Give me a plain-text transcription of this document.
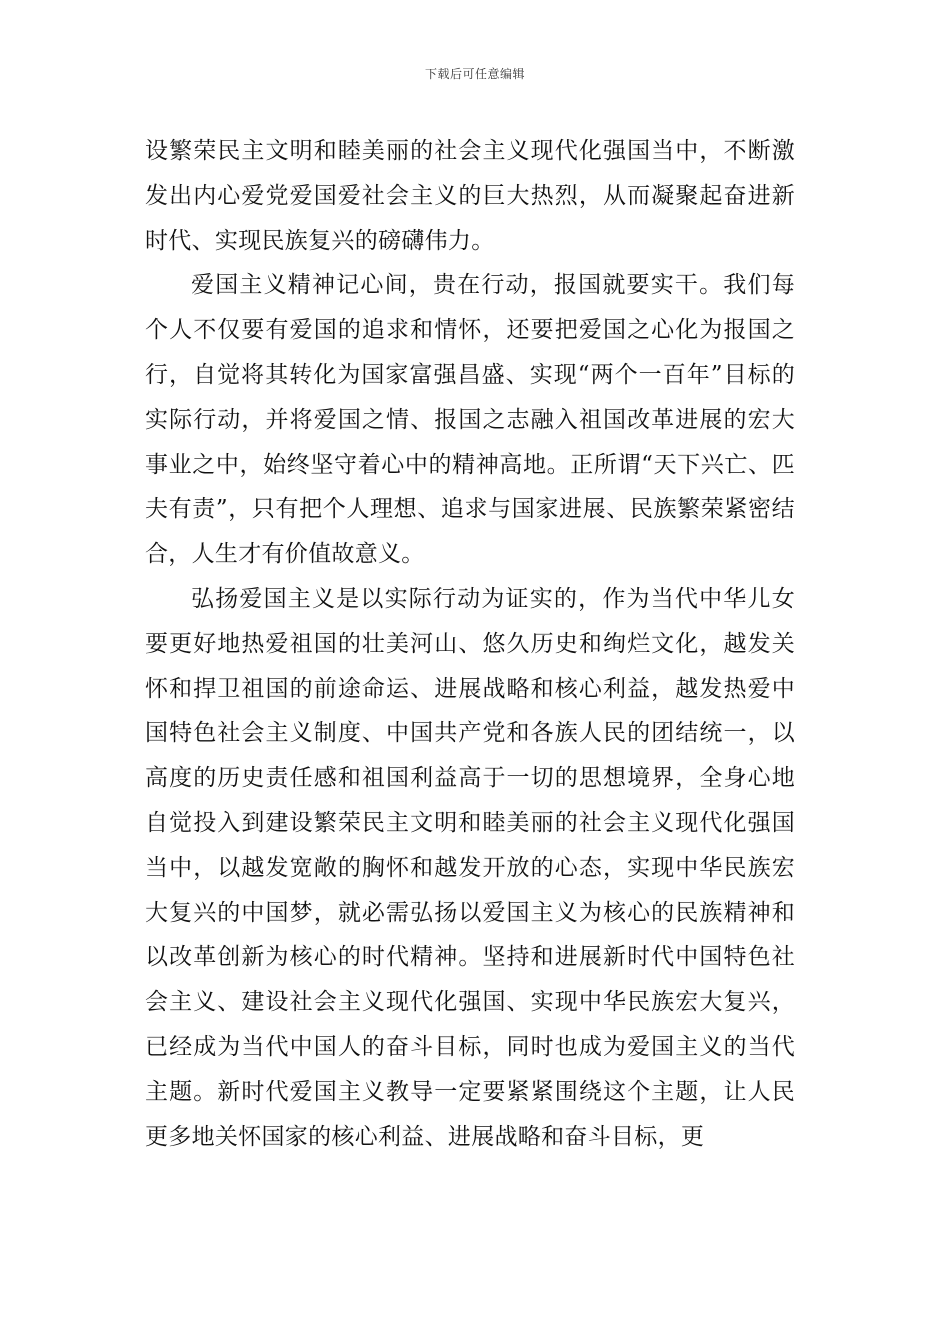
下载后可任意编辑

设繁荣民主文明和睦美丽的社会主义现代化强国当中，不断激发出内心爱党爱国爱社会主义的巨大热烈，从而凝聚起奋进新时代、实现民族复兴的磅礴伟力。

爱国主义精神记心间，贵在行动，报国就要实干。我们每个人不仅要有爱国的追求和情怀，还要把爱国之心化为报国之行，自觉将其转化为国家富强昌盛、实现“两个一百年”目标的实际行动，并将爱国之情、报国之志融入祖国改革进展的宏大事业之中，始终坚守着心中的精神高地。正所谓“天下兴亡、匹夫有责”，只有把个人理想、追求与国家进展、民族繁荣紧密结合，人生才有价值故意义。

弘扬爱国主义是以实际行动为证实的，作为当代中华儿女要更好地热爱祖国的壮美河山、悠久历史和绚烂文化，越发关怀和捍卫祖国的前途命运、进展战略和核心利益，越发热爱中国特色社会主义制度、中国共产党和各族人民的团结统一，以高度的历史责任感和祖国利益高于一切的思想境界，全身心地自觉投入到建设繁荣民主文明和睦美丽的社会主义现代化强国当中，以越发宽敞的胸怀和越发开放的心态，实现中华民族宏大复兴的中国梦，就必需弘扬以爱国主义为核心的民族精神和以改革创新为核心的时代精神。坚持和进展新时代中国特色社会主义、建设社会主义现代化强国、实现中华民族宏大复兴，已经成为当代中国人的奋斗目标，同时也成为爱国主义的当代主题。新时代爱国主义教导一定要紧紧围绕这个主题，让人民更多地关怀国家的核心利益、进展战略和奋斗目标，更
